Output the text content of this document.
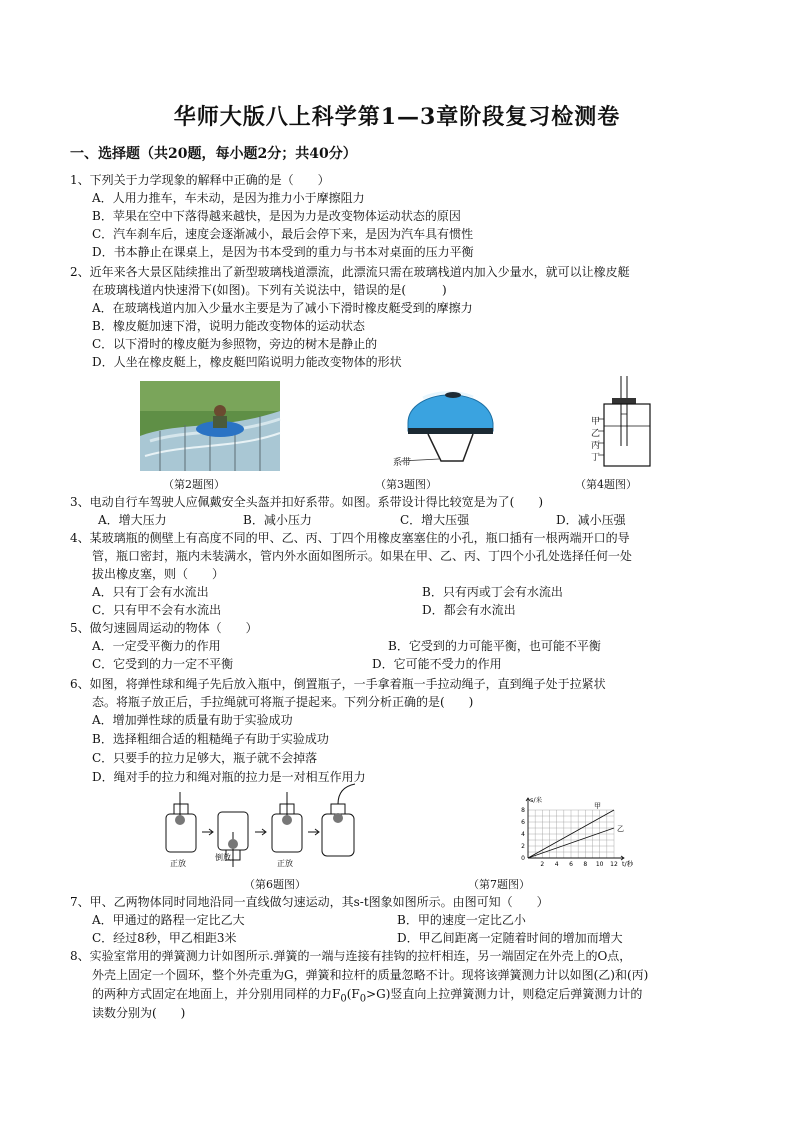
华师大版八上科学第1—3章阶段复习检测卷
一、选择题（共20题，每小题2分；共40分）
1、下列关于力学现象的解释中正确的是（　　）
A．人用力推车，车未动，是因为推力小于摩擦阻力
B．苹果在空中下落得越来越快，是因为力是改变物体运动状态的原因
C．汽车刹车后，速度会逐渐减小，最后会停下来，是因为汽车具有惯性
D．书本静止在课桌上，是因为书本受到的重力与书本对桌面的压力平衡
2、近年来各大景区陆续推出了新型玻璃栈道漂流，此漂流只需在玻璃栈道内加入少量水，就可以让橡皮艇
在玻璃栈道内快速滑下(如图)。下列有关说法中，错误的是(　　　)
A．在玻璃栈道内加入少量水主要是为了减小下滑时橡皮艇受到的摩擦力
B．橡皮艇加速下滑，说明力能改变物体的运动状态
C．以下滑时的橡皮艇为参照物，旁边的树木是静止的
D．人坐在橡皮艇上，橡皮艇凹陷说明力能改变物体的形状
（第2题图）
系带
（第3题图）
甲
乙
丙
丁
（第4题图）
3、电动自行车驾驶人应佩戴安全头盔并扣好系带。如图。系带设计得比较宽是为了(　　)
A．增大压力	B．减小压力	C．增大压强	D．减小压强
4、某玻璃瓶的侧壁上有高度不同的甲、乙、丙、丁四个用橡皮塞塞住的小孔，瓶口插有一根两端开口的导
管，瓶口密封，瓶内未装满水，管内外水面如图所示。如果在甲、乙、丙、丁四个小孔处选择任何一处
拔出橡皮塞，则（　　）
A．只有丁会有水流出	B．只有丙或丁会有水流出
C．只有甲不会有水流出	D．都会有水流出
5、做匀速圆周运动的物体（　　）
A．一定受平衡力的作用	B．它受到的力可能平衡，也可能不平衡
C．它受到的力一定不平衡	D．它可能不受力的作用
6、如图，将弹性球和绳子先后放入瓶中，倒置瓶子，一手拿着瓶一手拉动绳子，直到绳子处于拉紧状
态。将瓶子放正后，手拉绳就可将瓶子提起来。下列分析正确的是(　　)
A．增加弹性球的质量有助于实验成功
B．选择粗细合适的粗糙绳子有助于实验成功
C．只要手的拉力足够大，瓶子就不会掉落
D．绳对手的拉力和绳对瓶的拉力是一对相互作用力
正放
倒放
正放
（第6题图）
2 4 6 8 10 12
0
2
4
6
8
甲
乙
s/米
t/秒
（第7题图）
7、甲、乙两物体同时同地沿同一直线做匀速运动，其s-t图象如图所示。由图可知（　　）
A．甲通过的路程一定比乙大	B．甲的速度一定比乙小
C．经过8秒，甲乙相距3米	D．甲乙间距离一定随着时间的增加而增大
8、实验室常用的弹簧测力计如图所示.弹簧的一端与连接有挂钩的拉杆相连，另一端固定在外壳上的O点，
外壳上固定一个圆环，整个外壳重为G，弹簧和拉杆的质量忽略不计。现将该弹簧测力计以如图(乙)和(丙)
的两种方式固定在地面上，并分别用同样的力$F_0(F_0>G)$竖直向上拉弹簧测力计，则稳定后弹簧测力计的
读数分别为(　　)
